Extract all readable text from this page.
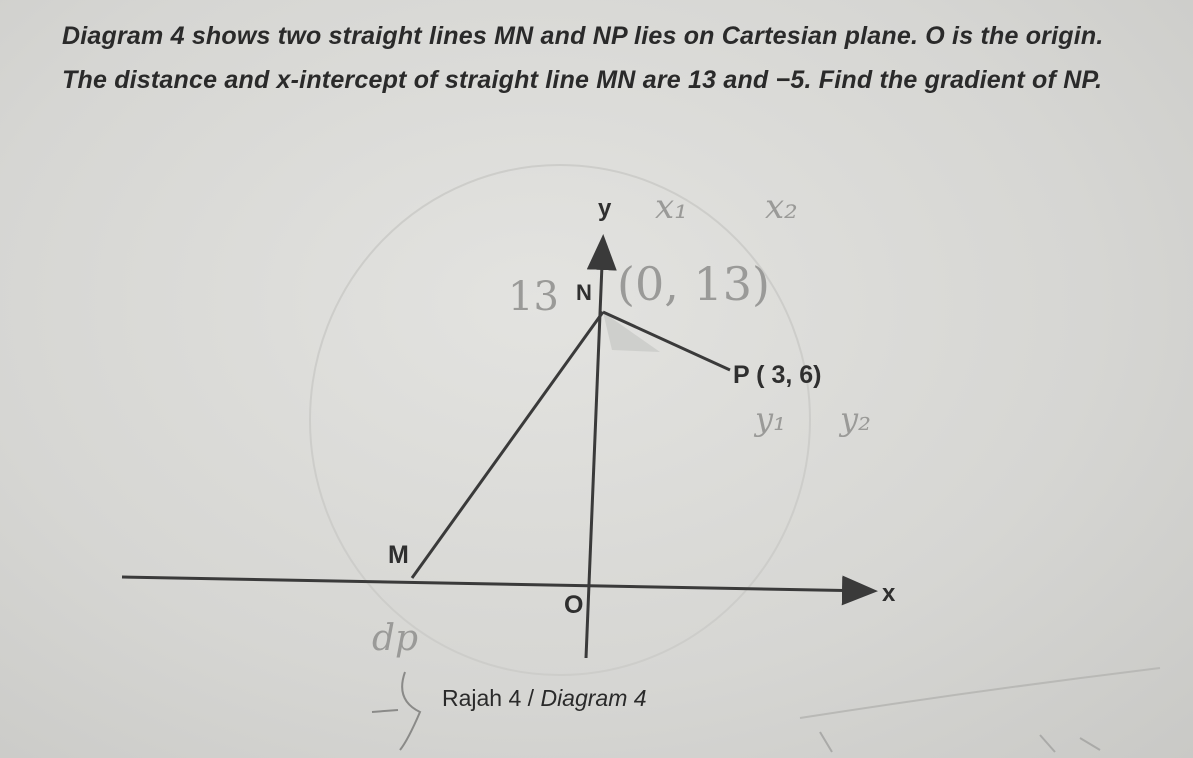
Diagram 4 shows two straight lines MN and NP lies on Cartesian plane. O is the origin.
The distance and x-intercept of straight line MN are 13 and −5. Find the gradient of NP.
y
x
O
N
M
P ( 3, 6)
x₁ x₂
13 (0, 13)
y₁ y₂
dp
Rajah 4 / Diagram 4
